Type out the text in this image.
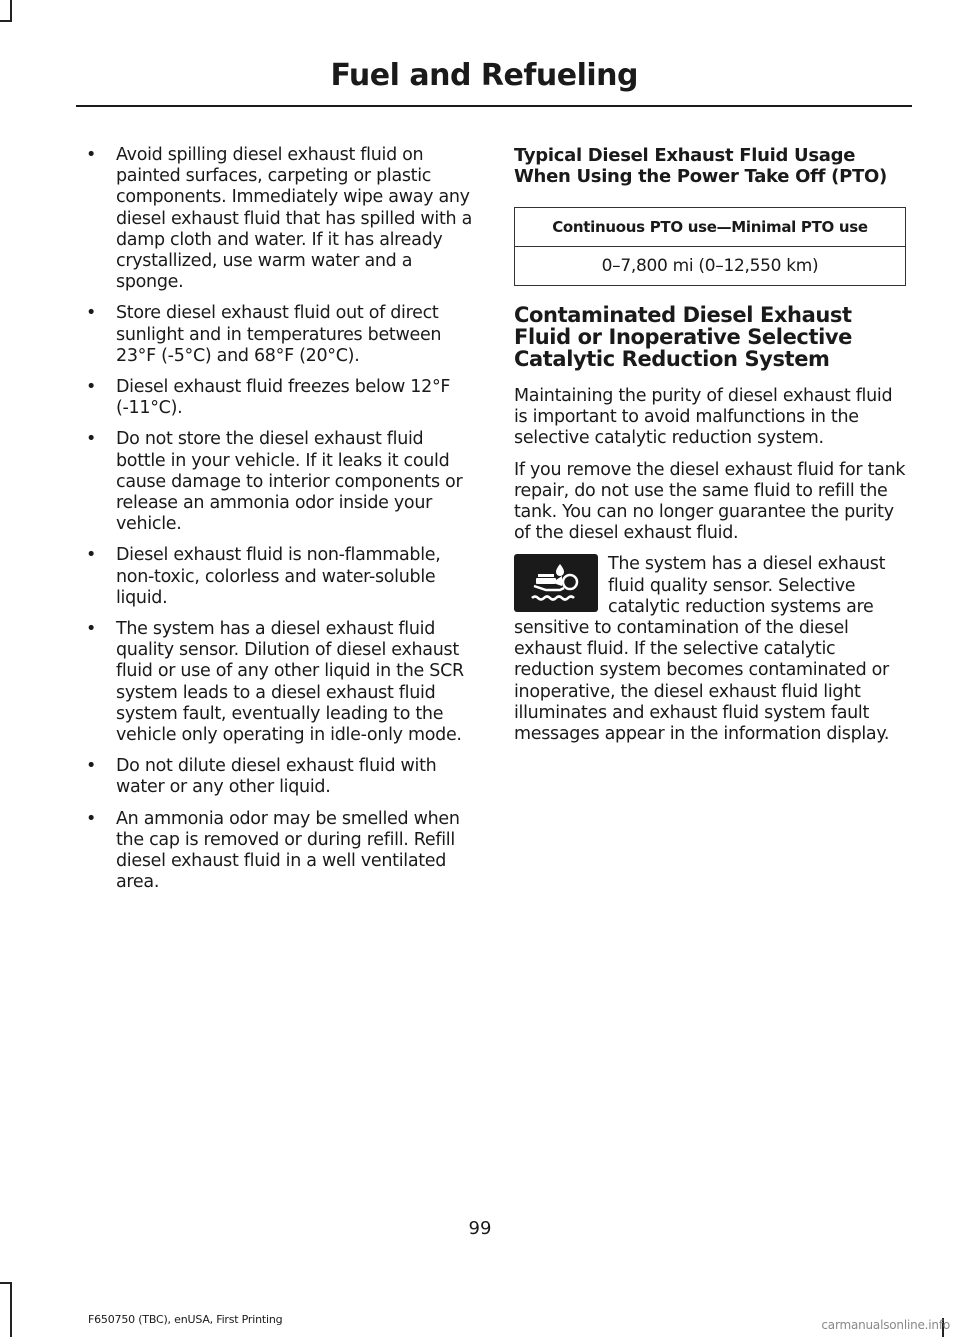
Fuel and Refueling
• Avoid spilling diesel exhaust fluid on painted surfaces, carpeting or plastic components. Immediately wipe away any diesel exhaust fluid that has spilled with a damp cloth and water. If it has already crystallized, use warm water and a sponge.
• Store diesel exhaust fluid out of direct sunlight and in temperatures between 23°F (-5°C) and 68°F (20°C).
• Diesel exhaust fluid freezes below 12°F (-11°C).
• Do not store the diesel exhaust fluid bottle in your vehicle. If it leaks it could cause damage to interior components or release an ammonia odor inside your vehicle.
• Diesel exhaust fluid is non-flammable, non-toxic, colorless and water-soluble liquid.
• The system has a diesel exhaust fluid quality sensor. Dilution of diesel exhaust fluid or use of any other liquid in the SCR system leads to a diesel exhaust fluid system fault, eventually leading to the vehicle only operating in idle-only mode.
• Do not dilute diesel exhaust fluid with water or any other liquid.
• An ammonia odor may be smelled when the cap is removed or during refill. Refill diesel exhaust fluid in a well ventilated area.
Typical Diesel Exhaust Fluid Usage When Using the Power Take Off (PTO)
Continuous PTO use—Minimal PTO use
0–7,800 mi (0–12,550 km)
Contaminated Diesel Exhaust Fluid or Inoperative Selective Catalytic Reduction System

Maintaining the purity of diesel exhaust fluid is important to avoid malfunctions in the selective catalytic reduction system.

If you remove the diesel exhaust fluid for tank repair, do not use the same fluid to refill the tank. You can no longer guarantee the purity of the diesel exhaust fluid.

The system has a diesel exhaust fluid quality sensor. Selective catalytic reduction systems are sensitive to contamination of the diesel exhaust fluid. If the selective catalytic reduction system becomes contaminated or inoperative, the diesel exhaust fluid light illuminates and exhaust fluid system fault messages appear in the information display.

99
F650750 (TBC), enUSA, First Printing	carmanualsonline.info
